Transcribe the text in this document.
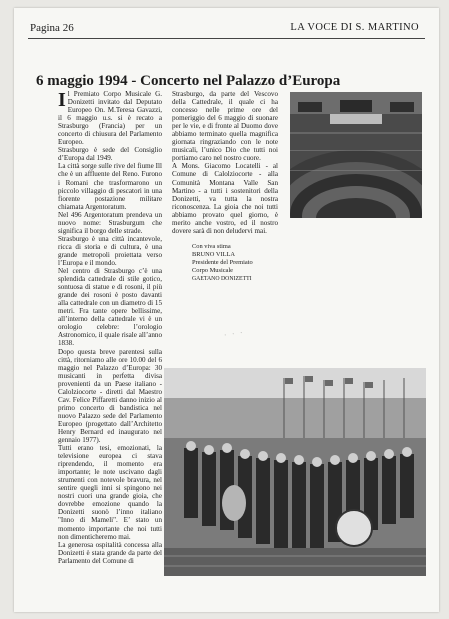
Pagina 26	LA VOCE DI S. MARTINO
6 maggio 1994 - Concerto nel Palazzo d’Europa
I l Premiato Corpo Musicale G. Donizetti invitato dal Deputato Europeo On. M.Teresa Gavazzi, il 6 maggio u.s. si è recato a Strasburgo (Francia) per un concerto di chiusura del Parlamento Europeo.

Strasburgo è sede del Consiglio d’Europa dal 1949.

La città sorge sulle rive del fiume Ill che è un affluente del Reno. Furono i Romani che trasformarono un piccolo villaggio di pescatori in una fiorente postazione militare chiamata Argentoratum.

Nel 496 Argentoratum prendeva un nuovo nome: Strasburgum che significa il borgo delle strade.

Strasburgo è una città incantevole, ricca di storia e di cultura, è una grande metropoli proiettata verso l’Europa e il mondo.

Nel centro di Strasburgo c’è una splendida cattedrale di stile gotico, sontuosa di statue e di rosoni, il più grande dei rosoni è posto davanti alla cattedrale con un diametro di 15 metri. Fra tante opere bellissime, all’interno della cattedrale vi è un orologio celebre: l’orologio Astronomico, il quale risale all’anno 1838.

Dopo questa breve parentesi sulla città, ritorniamo alle ore 10.00 del 6 maggio nel Palazzo d’Europa: 30 musicanti in perfetta divisa provenienti da un Paese italiano - Calolziocorte - diretti dal Maestro Cav. Felice Piffaretti danno inizio al primo concerto di bandistica nel nuovo Palazzo sede del Parlamento Europeo (progettato dall’Architetto Henry Bernard ed inaugurato nel gennaio 1977).

Tutti erano tesi, emozionati, la televisione europea ci stava riprendendo, il momento era importante; le note uscivano dagli strumenti con notevole bravura, nel sentire quegli inni si spingono nei nostri cuori una grande gioia, che dovrebbe emozione quando la Donizetti suonò l’inno italiano "Inno di Mameli". E’ stato un momento importante che noi tutti non dimenticheremo mai.

La generosa ospitalità concessa alla Donizetti è stata grande da parte del Parlamento del Comune di

Strasburgo, da parte del Vescovo della Cattedrale, il quale ci ha concesso nelle prime ore del pomeriggio del 6 maggio di suonare per le vie, e di fronte al Duomo dove abbiamo terminato quella magnifica giornata ringraziando con le note musicali, l’unico Dio che tutti noi portiamo caro nel nostro cuore.

A Mons. Giacomo Locatelli - al Comune di Calolziocorte - alla Comunità Montana Valle San Martino - a tutti i sostenitori della Donizetti, va tutta la nostra riconoscenza. La gioia che noi tutti abbiamo provato quel giorno, è merito anche vostro, ed il nostro dovere sarà di non deludervi mai.

Con viva stima
BRUNO VILLA
Presidente del Premiato
Corpo Musicale
GAETANO DONIZETTI
· · ·
